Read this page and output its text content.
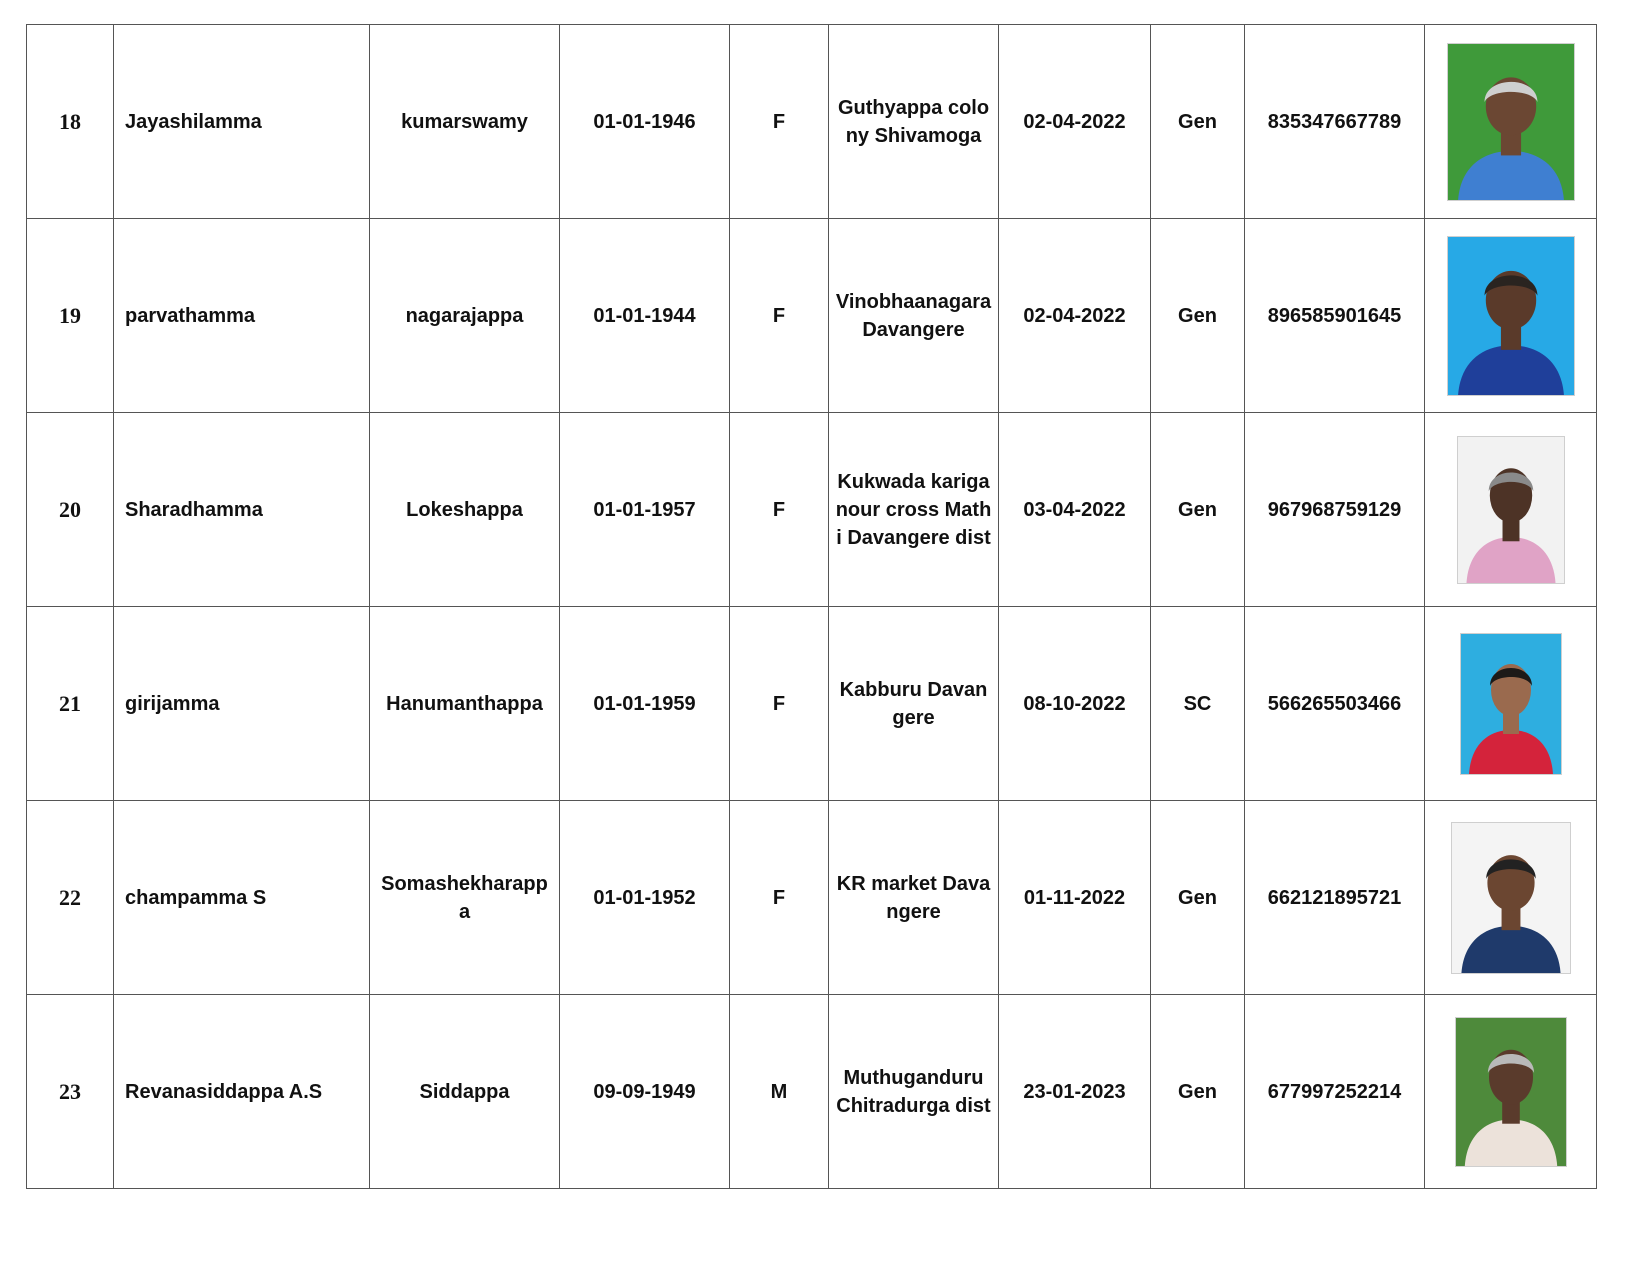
18	Jayashilamma	kumarswamy	01-01-1946	F	Guthyappa colony Shivamoga	02-04-2022	Gen	835347667789	

19	parvathamma	nagarajappa	01-01-1944	F	Vinobhaanagara Davangere	02-04-2022	Gen	896585901645	

20	Sharadhamma	Lokeshappa	01-01-1957	F	Kukwada kariganour cross Mathi Davangere dist	03-04-2022	Gen	967968759129	

21	girijamma	Hanumanthappa	01-01-1959	F	Kabburu Davangere	08-10-2022	SC	566265503466	

22	champamma S	Somashekharappa	01-01-1952	F	KR market Davangere	01-11-2022	Gen	662121895721	

23	Revanasiddappa A.S	Siddappa	09-09-1949	M	Muthuganduru Chitradurga dist	23-01-2023	Gen	677997252214	
